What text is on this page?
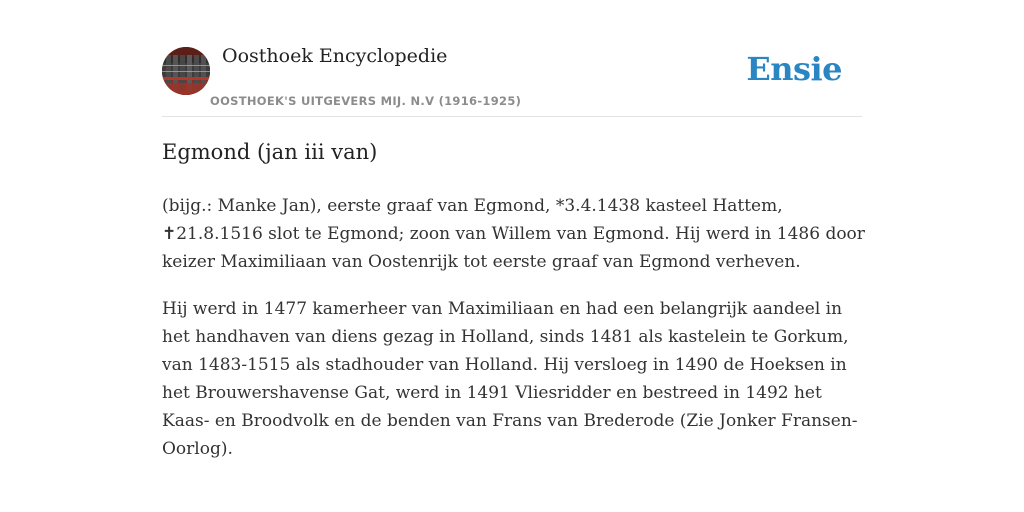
Oosthoek Encyclopedie
OOSTHOEK'S UITGEVERS MIJ. N.V (1916-1925)
Ensie
Egmond (jan iii van)

(bijg.: Manke Jan), eerste graaf van Egmond, *3.4.1438 kasteel Hattem, ✝21.8.1516 slot te Egmond; zoon van Willem van Egmond. Hij werd in 1486 door keizer Maximiliaan van Oostenrijk tot eerste graaf van Egmond verheven.

Hij werd in 1477 kamerheer van Maximiliaan en had een belangrijk aandeel in het handhaven van diens gezag in Holland, sinds 1481 als kastelein te Gorkum, van 1483-1515 als stadhouder van Holland. Hij versloeg in 1490 de Hoeksen in het Brouwershavense Gat, werd in 1491 Vliesridder en bestreed in 1492 het Kaas- en Broodvolk en de benden van Frans van Brederode (Zie Jonker Fransen-Oorlog).
